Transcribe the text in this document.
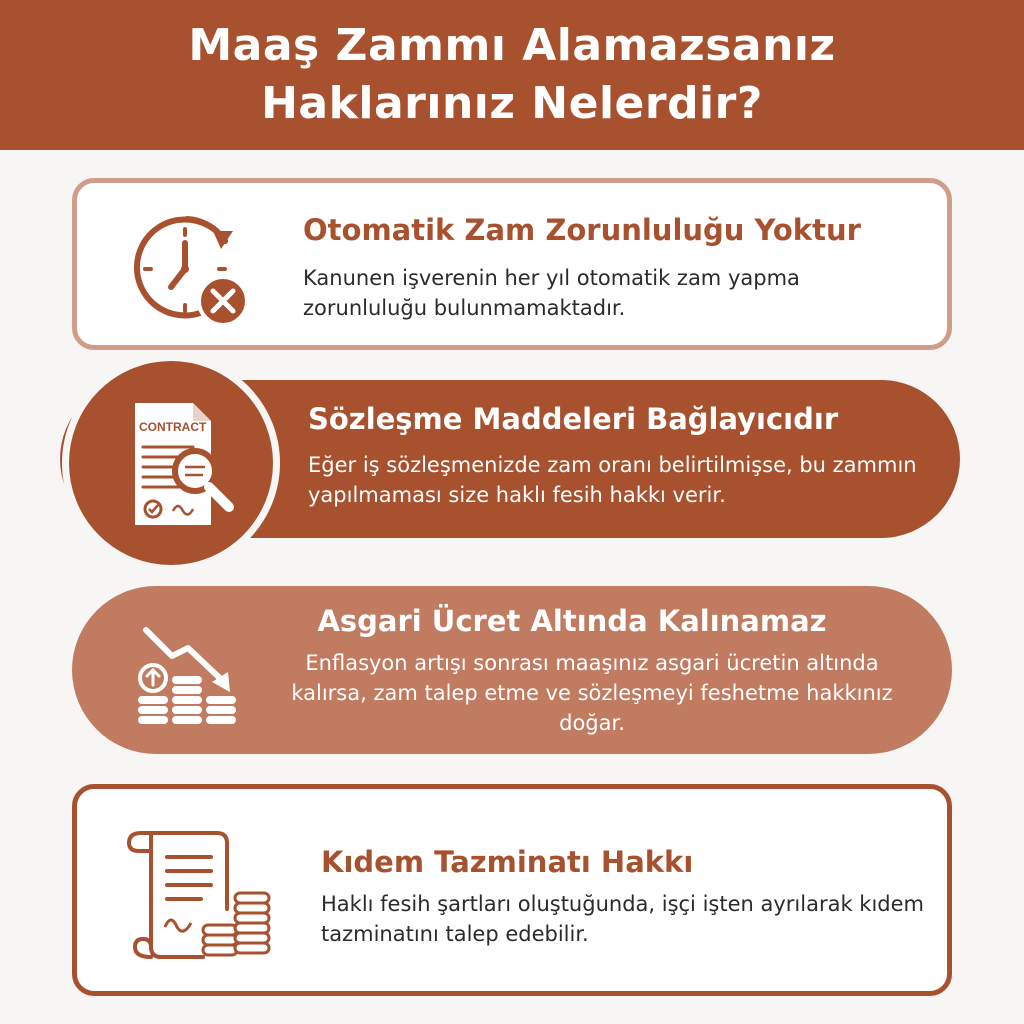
Maaş Zammı Alamazsanız
Haklarınız Nelerdir?
Otomatik Zam Zorunluluğu Yoktur
Kanunen işverenin her yıl otomatik zam yapma zorunluluğu bulunmamaktadır.
Sözleşme Maddeleri Bağlayıcıdır
Eğer iş sözleşmenizde zam oranı belirtilmişse, bu zammın yapılmaması size haklı fesih hakkı verir.
CONTRACT
Asgari Ücret Altında Kalınamaz
Enflasyon artışı sonrası maaşınız asgari ücretin altında kalırsa, zam talep etme ve sözleşmeyi feshetme hakkınız doğar.
Kıdem Tazminatı Hakkı
Haklı fesih şartları oluştuğunda, işçi işten ayrılarak kıdem tazminatını talep edebilir.
